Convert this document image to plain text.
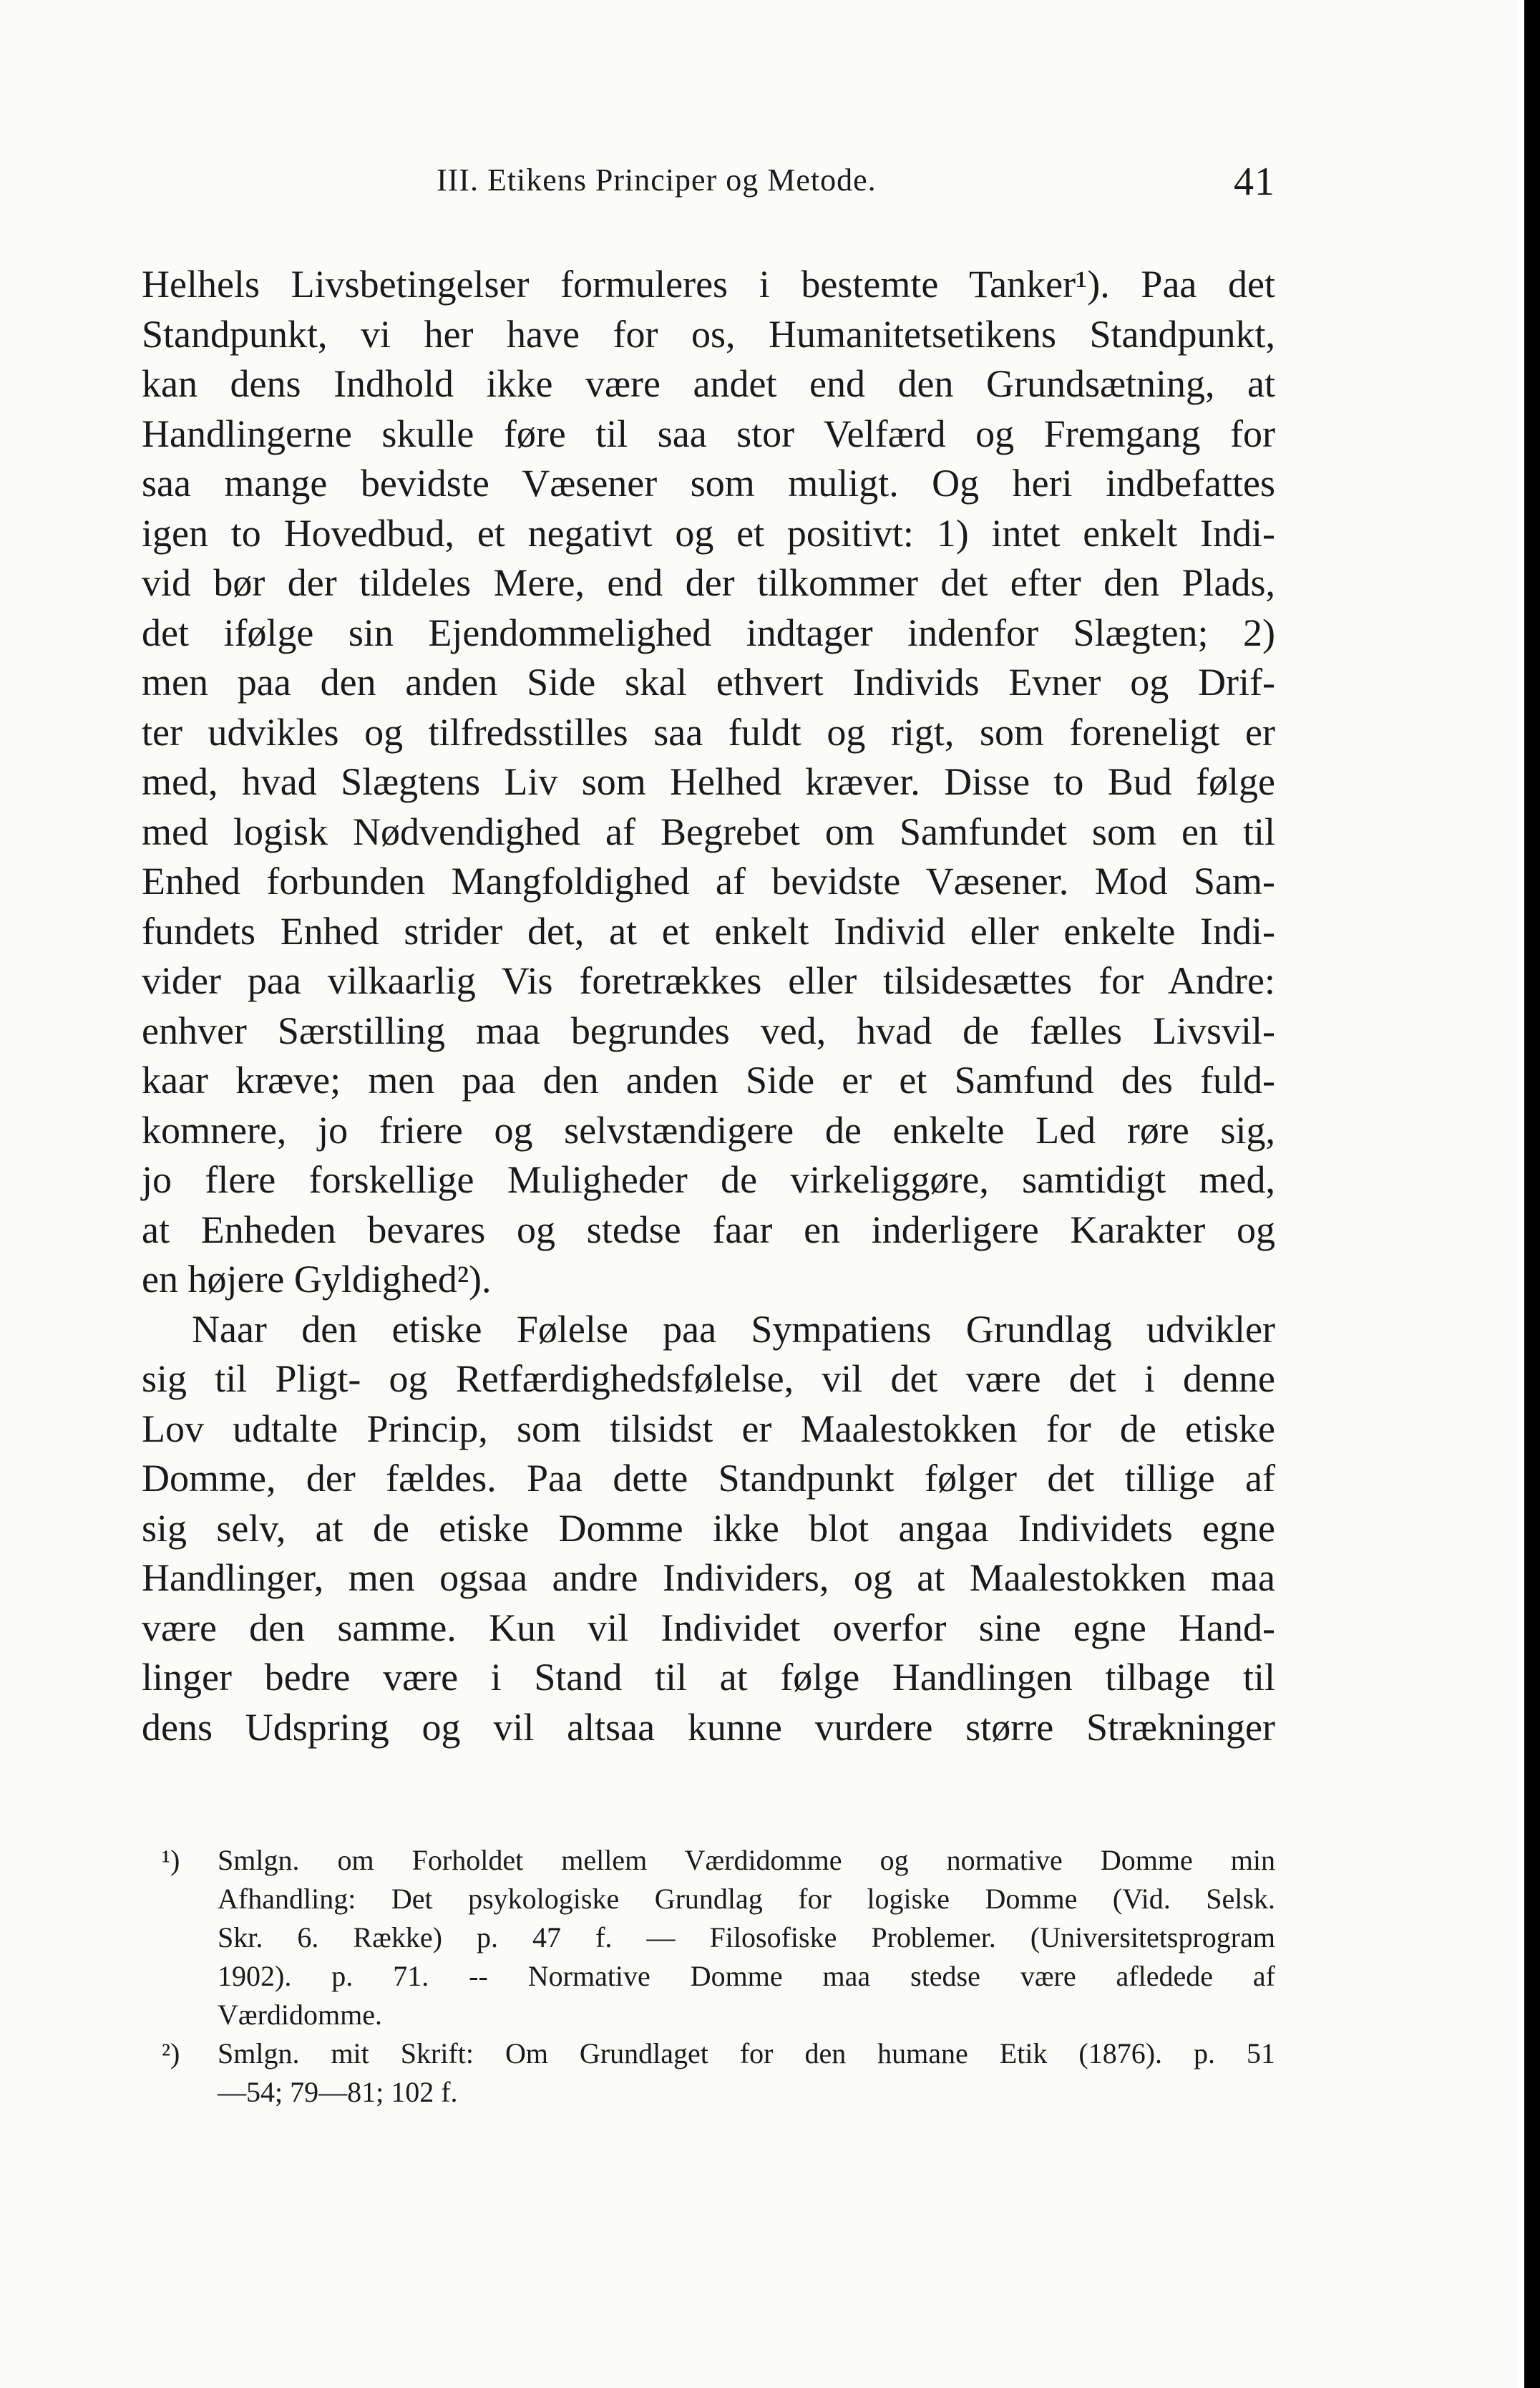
III. Etikens Principer og Metode.	41
Helhels Livsbetingelser formuleres i bestemte Tanker¹). Paa det
Standpunkt, vi her have for os, Humanitetsetikens Standpunkt,
kan dens Indhold ikke være andet end den Grundsætning, at
Handlingerne skulle føre til saa stor Velfærd og Fremgang for
saa mange bevidste Væsener som muligt. Og heri indbefattes
igen to Hovedbud, et negativt og et positivt: 1) intet enkelt Indi-
vid bør der tildeles Mere, end der tilkommer det efter den Plads,
det ifølge sin Ejendommelighed indtager indenfor Slægten; 2)
men paa den anden Side skal ethvert Individs Evner og Drif-
ter udvikles og tilfredsstilles saa fuldt og rigt, som foreneligt er
med, hvad Slægtens Liv som Helhed kræver. Disse to Bud følge
med logisk Nødvendighed af Begrebet om Samfundet som en til
Enhed forbunden Mangfoldighed af bevidste Væsener. Mod Sam-
fundets Enhed strider det, at et enkelt Individ eller enkelte Indi-
vider paa vilkaarlig Vis foretrækkes eller tilsidesættes for Andre:
enhver Særstilling maa begrundes ved, hvad de fælles Livsvil-
kaar kræve; men paa den anden Side er et Samfund des fuld-
komnere, jo friere og selvstændigere de enkelte Led røre sig,
jo flere forskellige Muligheder de virkeliggøre, samtidigt med,
at Enheden bevares og stedse faar en inderligere Karakter og
en højere Gyldighed²).
Naar den etiske Følelse paa Sympatiens Grundlag udvikler
sig til Pligt- og Retfærdighedsfølelse, vil det være det i denne
Lov udtalte Princip, som tilsidst er Maalestokken for de etiske
Domme, der fældes. Paa dette Standpunkt følger det tillige af
sig selv, at de etiske Domme ikke blot angaa Individets egne
Handlinger, men ogsaa andre Individers, og at Maalestokken maa
være den samme. Kun vil Individet overfor sine egne Hand-
linger bedre være i Stand til at følge Handlingen tilbage til
dens Udspring og vil altsaa kunne vurdere større Strækninger
¹) Smlgn. om Forholdet mellem Værdidomme og normative Domme min
Afhandling: Det psykologiske Grundlag for logiske Domme (Vid. Selsk.
Skr. 6. Række) p. 47 f. — Filosofiske Problemer. (Universitetsprogram
1902). p. 71. -- Normative Domme maa stedse være afledede af
Værdidomme.
²) Smlgn. mit Skrift: Om Grundlaget for den humane Etik (1876). p. 51
—54; 79—81; 102 f.
